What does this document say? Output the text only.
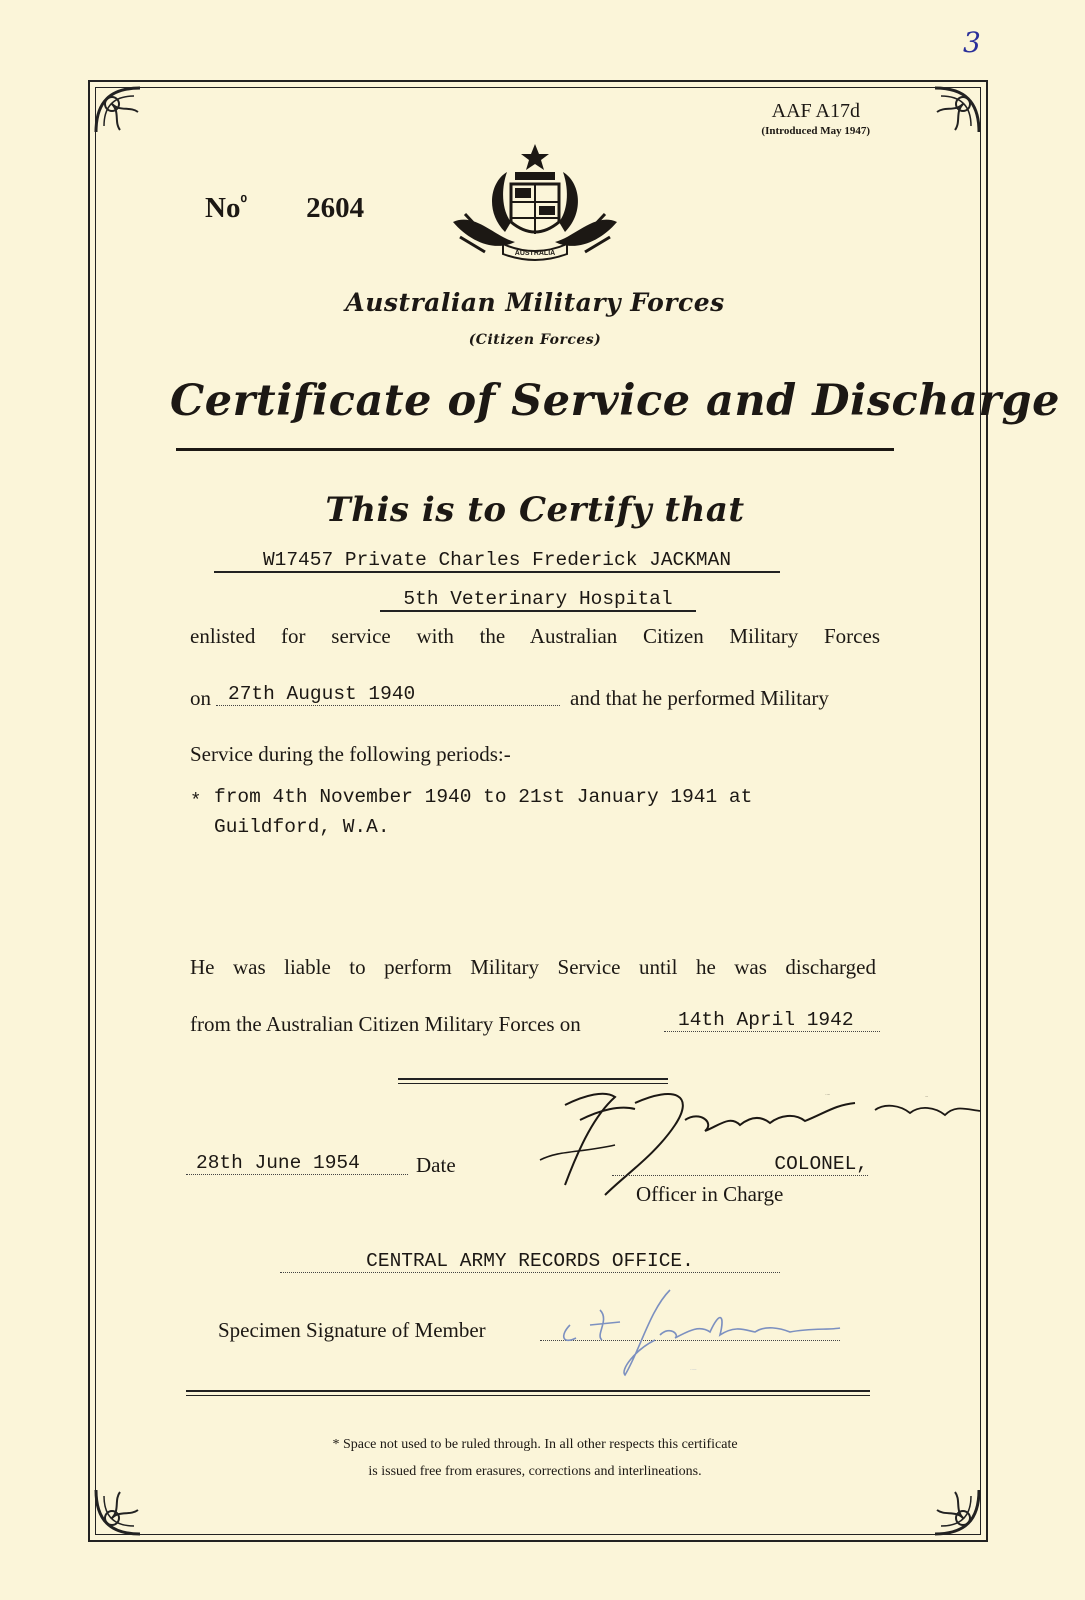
3
AAF A17d
(Introduced May 1947)
$No^{^0}$ 2604
AUSTRALIA
Australian Military Forces
(Citizen Forces)
Certificate of Service and Discharge
This is to Certify that
W17457 Private Charles Frederick JACKMAN
5th Veterinary Hospital
enlisted for service with the Australian Citizen Military Forces
on 27th August 1940	and that he performed Military
Service during the following periods:-
* from 4th November 1940 to 21st January 1941 at
Guildford, W.A.
He was liable to perform Military Service until he was discharged
from the Australian Citizen Military Forces on	14th April 1942
V.J. James
Major
28th June 1954	Date	COLONEL,
Officer in Charge
CENTRAL ARMY RECORDS OFFICE.
Specimen Signature of Member
C F Jackman
* Space not used to be ruled through. In all other respects this certificate
is issued free from erasures, corrections and interlineations.
